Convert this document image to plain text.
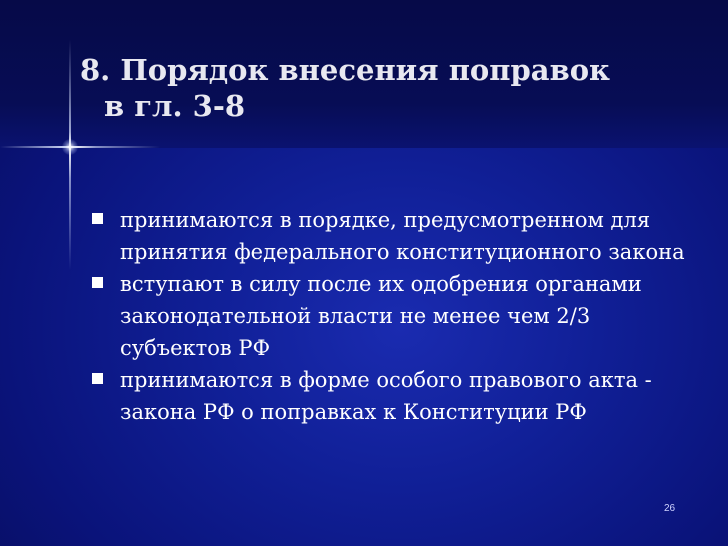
8. Порядок внесения поправок
в гл. 3-8
принимаются в порядке, предусмотренном для принятия федерального конституционного закона
вступают в силу после их одобрения органами законодательной власти не менее чем 2/3 субъектов РФ
принимаются в форме особого правового акта - закона РФ о поправках к Конституции РФ
26
